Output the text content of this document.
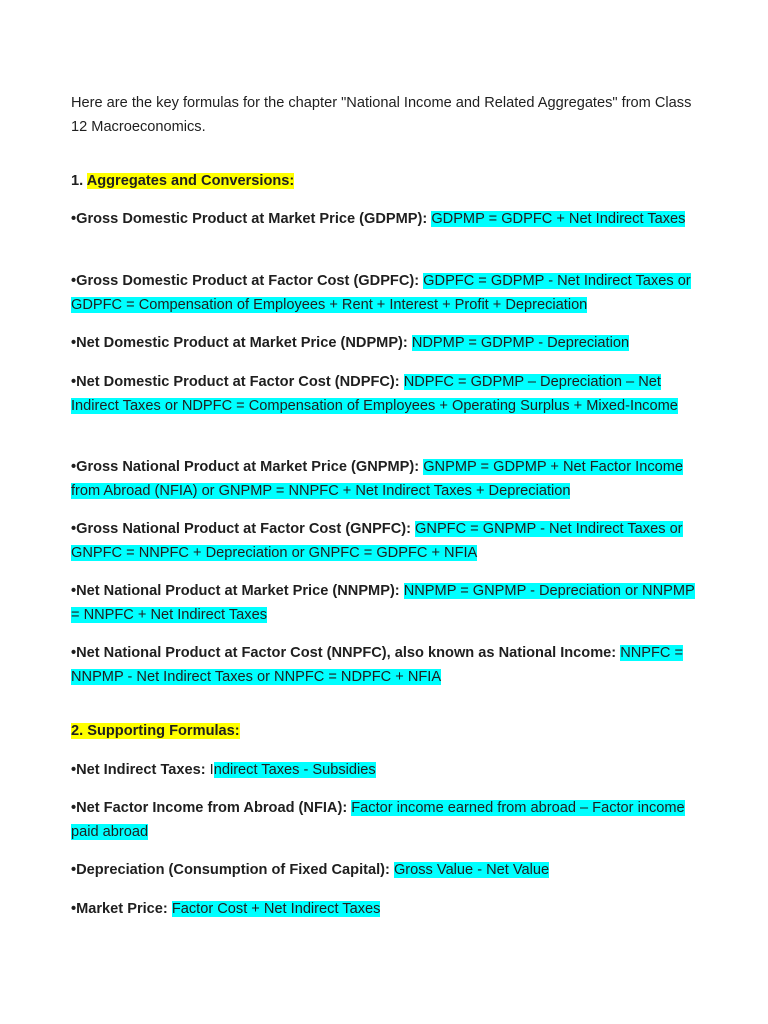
Here are the key formulas for the chapter "National Income and Related Aggregates" from Class 12 Macroeconomics.

1. Aggregates and Conversions:

•Gross Domestic Product at Market Price (GDPMP): GDPMP = GDPFC + Net Indirect Taxes

•Gross Domestic Product at Factor Cost (GDPFC): GDPFC = GDPMP - Net Indirect Taxes or GDPFC = Compensation of Employees + Rent + Interest + Profit + Depreciation

•Net Domestic Product at Market Price (NDPMP): NDPMP = GDPMP - Depreciation

•Net Domestic Product at Factor Cost (NDPFC): NDPFC = GDPMP – Depreciation – Net Indirect Taxes or NDPFC = Compensation of Employees + Operating Surplus + Mixed-Income

•Gross National Product at Market Price (GNPMP): GNPMP = GDPMP + Net Factor Income from Abroad (NFIA) or GNPMP = NNPFC + Net Indirect Taxes + Depreciation

•Gross National Product at Factor Cost (GNPFC): GNPFC = GNPMP - Net Indirect Taxes or GNPFC = NNPFC + Depreciation or GNPFC = GDPFC + NFIA

•Net National Product at Market Price (NNPMP): NNPMP = GNPMP - Depreciation or NNPMP = NNPFC + Net Indirect Taxes

•Net National Product at Factor Cost (NNPFC), also known as National Income: NNPFC = NNPMP - Net Indirect Taxes or NNPFC = NDPFC + NFIA

2. Supporting Formulas:

•Net Indirect Taxes: Indirect Taxes - Subsidies

•Net Factor Income from Abroad (NFIA): Factor income earned from abroad – Factor income paid abroad

•Depreciation (Consumption of Fixed Capital): Gross Value - Net Value

•Market Price: Factor Cost + Net Indirect Taxes
